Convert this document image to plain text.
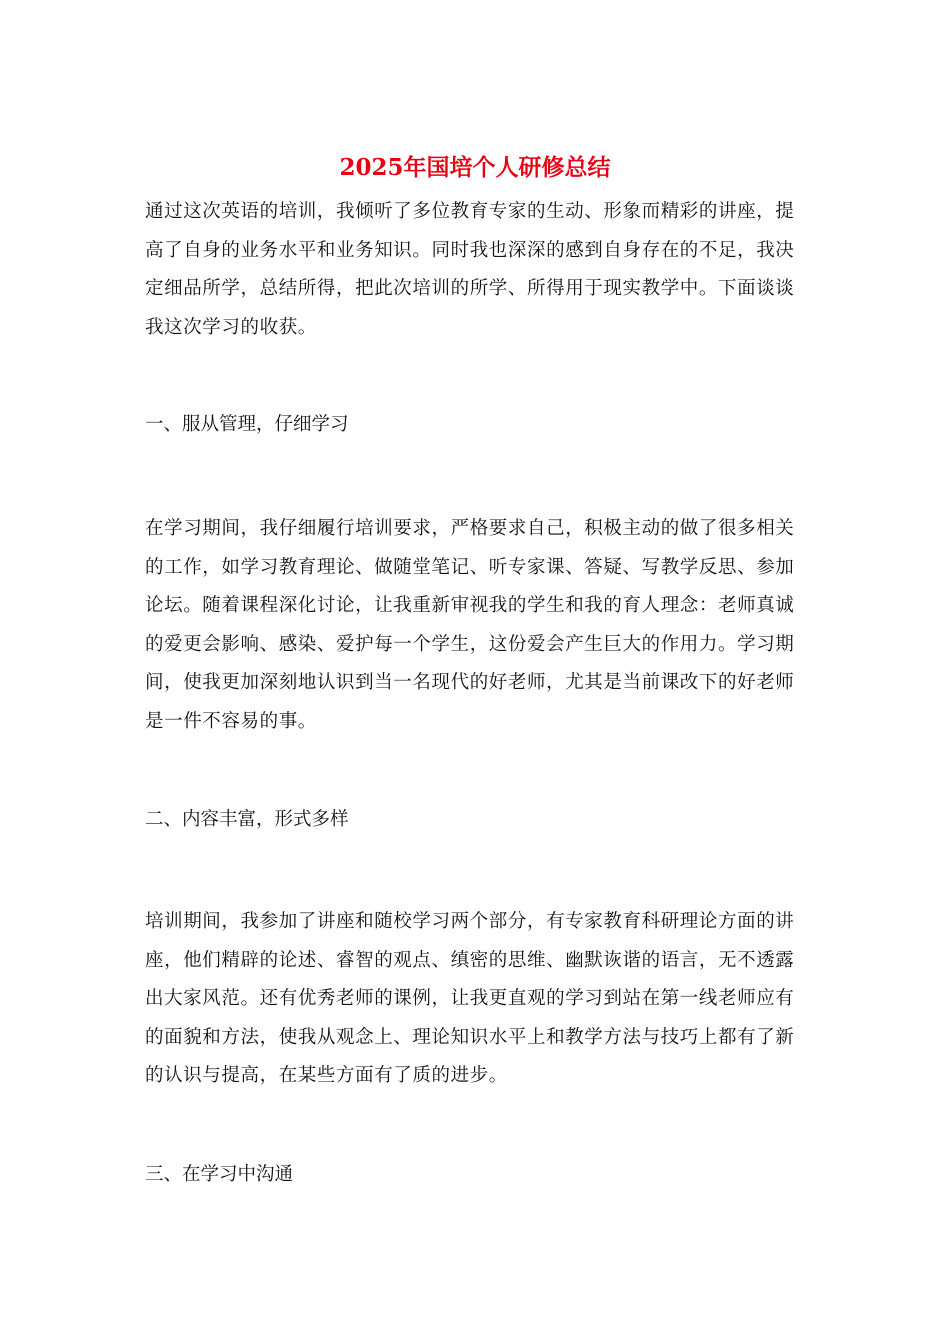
2025年国培个人研修总结

通过这次英语的培训，我倾听了多位教育专家的生动、形象而精彩的讲座，提高了自身的业务水平和业务知识。同时我也深深的感到自身存在的不足，我决定细品所学，总结所得，把此次培训的所学、所得用于现实教学中。下面谈谈我这次学习的收获。

一、服从管理，仔细学习

在学习期间，我仔细履行培训要求，严格要求自己，积极主动的做了很多相关的工作，如学习教育理论、做随堂笔记、听专家课、答疑、写教学反思、参加论坛。随着课程深化讨论，让我重新审视我的学生和我的育人理念：老师真诚的爱更会影响、感染、爱护每一个学生，这份爱会产生巨大的作用力。学习期间，使我更加深刻地认识到当一名现代的好老师，尤其是当前课改下的好老师是一件不容易的事。

二、内容丰富，形式多样

培训期间，我参加了讲座和随校学习两个部分，有专家教育科研理论方面的讲座，他们精辟的论述、睿智的观点、缜密的思维、幽默诙谐的语言，无不透露出大家风范。还有优秀老师的课例，让我更直观的学习到站在第一线老师应有的面貌和方法，使我从观念上、理论知识水平上和教学方法与技巧上都有了新的认识与提高，在某些方面有了质的进步。

三、在学习中沟通
